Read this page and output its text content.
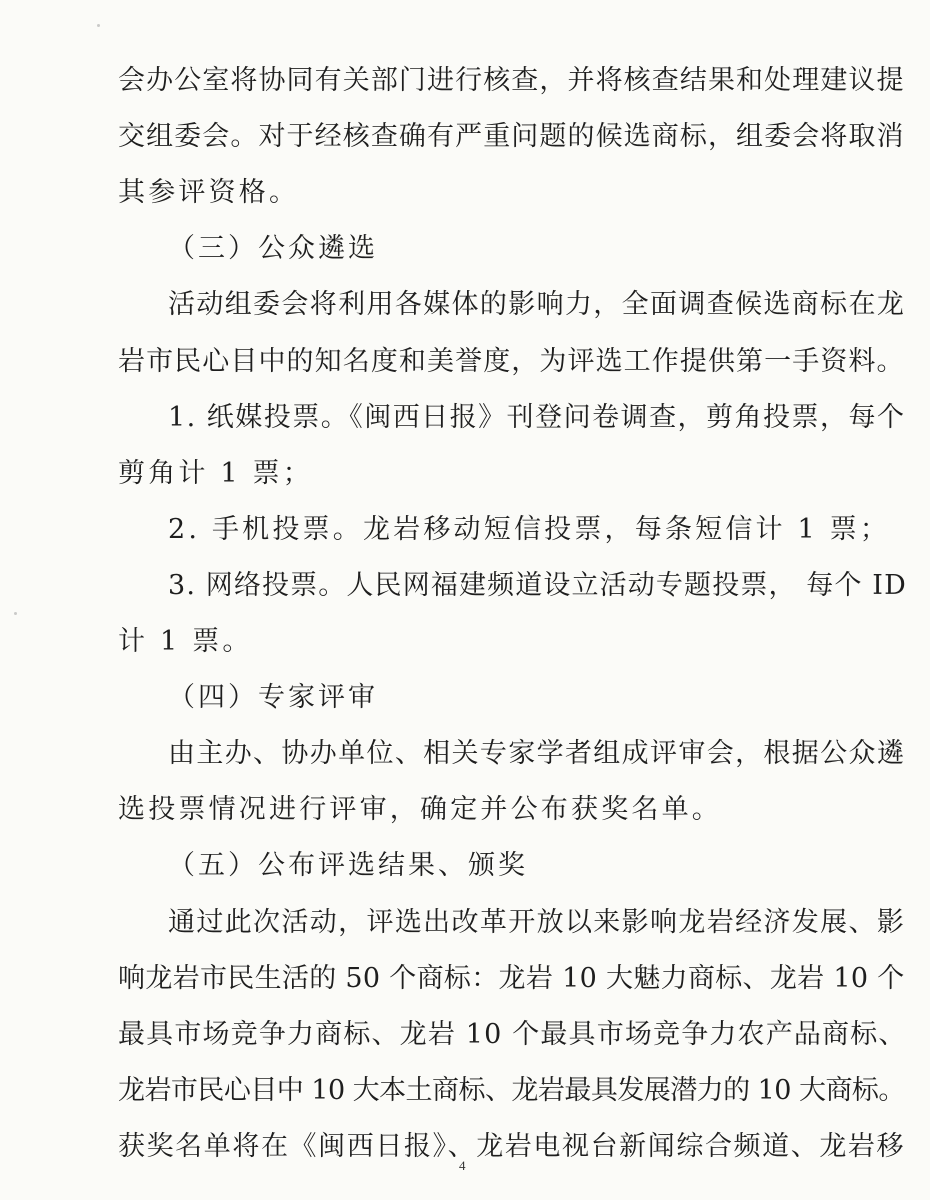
会办公室将协同有关部门进行核查，并将核查结果和处理建议提
交组委会。对于经核查确有严重问题的候选商标，组委会将取消
其参评资格。
（三）公众遴选
活动组委会将利用各媒体的影响力，全面调查候选商标在龙
岩市民心目中的知名度和美誉度，为评选工作提供第一手资料。
1. 纸媒投票。《闽西日报》刊登问卷调查，剪角投票，每个
剪角计 1 票；
2. 手机投票。龙岩移动短信投票，每条短信计 1 票；
3. 网络投票。人民网福建频道设立活动专题投票， 每个 ID
计 1 票。
（四）专家评审
由主办、协办单位、相关专家学者组成评审会，根据公众遴
选投票情况进行评审，确定并公布获奖名单。
（五）公布评选结果、颁奖
通过此次活动，评选出改革开放以来影响龙岩经济发展、影
响龙岩市民生活的 50 个商标：龙岩 10 大魅力商标、龙岩 10 个
最具市场竞争力商标、龙岩 10 个最具市场竞争力农产品商标、
龙岩市民心目中 10 大本土商标、龙岩最具发展潜力的 10 大商标。
获奖名单将在《闽西日报》、龙岩电视台新闻综合频道、龙岩移
4
